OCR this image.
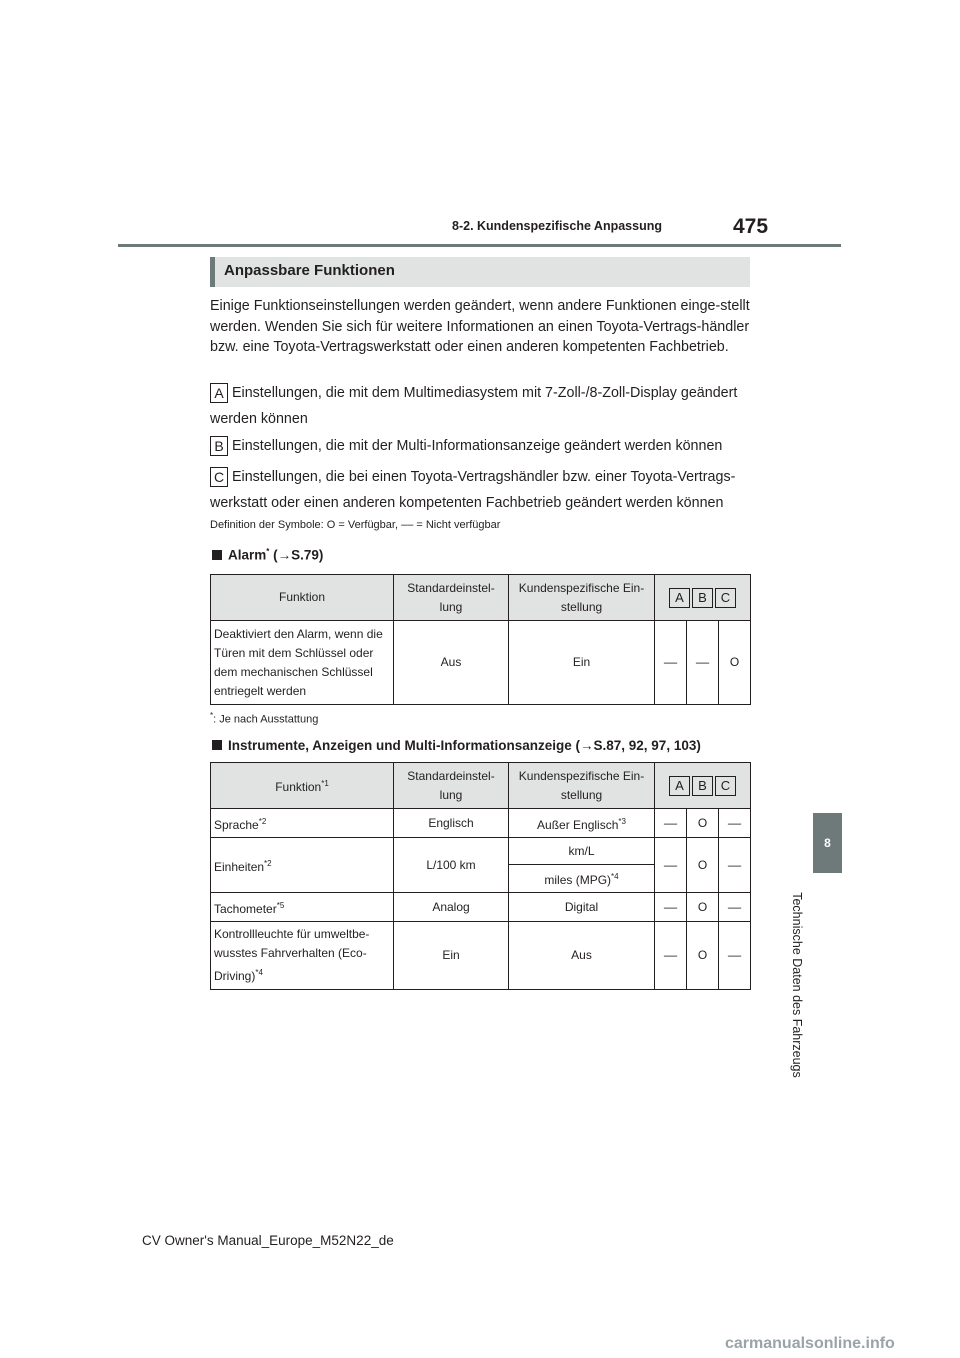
8-2. Kundenspezifische Anpassung	475
8
Technische Daten des Fahrzeugs
Anpassbare Funktionen
Einige Funktionseinstellungen werden geändert, wenn andere Funktionen einge-stellt werden. Wenden Sie sich für weitere Informationen an einen Toyota-Vertrags-händler bzw. eine Toyota-Vertragswerkstatt oder einen anderen kompetenten Fachbetrieb.
A Einstellungen, die mit dem Multimediasystem mit 7-Zoll-/8-Zoll-Display geändert werden können
B Einstellungen, die mit der Multi-Informationsanzeige geändert werden können
C Einstellungen, die bei einen Toyota-Vertragshändler bzw. einer Toyota-Vertrags-werkstatt oder einen anderen kompetenten Fachbetrieb geändert werden können
Definition der Symbole: O = Verfügbar, –– = Nicht verfügbar
Alarm* (→S.79)
Funktion	Standardeinstel-lung	Kundenspezifische Ein-stellung	A B C		
Deaktiviert den Alarm, wenn die Türen mit dem Schlüssel oder dem mechanischen Schlüssel entriegelt werden	Aus	Ein	––	––	O
*: Je nach Ausstattung
Instrumente, Anzeigen und Multi-Informationsanzeige (→S.87, 92, 97, 103)
Funktion$^{*1}$	Standardeinstel-lung	Kundenspezifische Ein-stellung	A B C		
Sprache$^{*2}$	Englisch	Außer Englisch$^{*3}$	––	O	––
Einheiten$^{*2}$	L/100 km	km/L	––	O	––
		miles (MPG)$^{*4}$
Tachometer$^{*5}$	Analog	Digital	––	O	––
Kontrollleuchte für umweltbe-wusstes Fahrverhalten (Eco-Driving)$^{*4}$	Ein	Aus	––	O	––
CV Owner's Manual_Europe_M52N22_de
carmanualsonline.info
